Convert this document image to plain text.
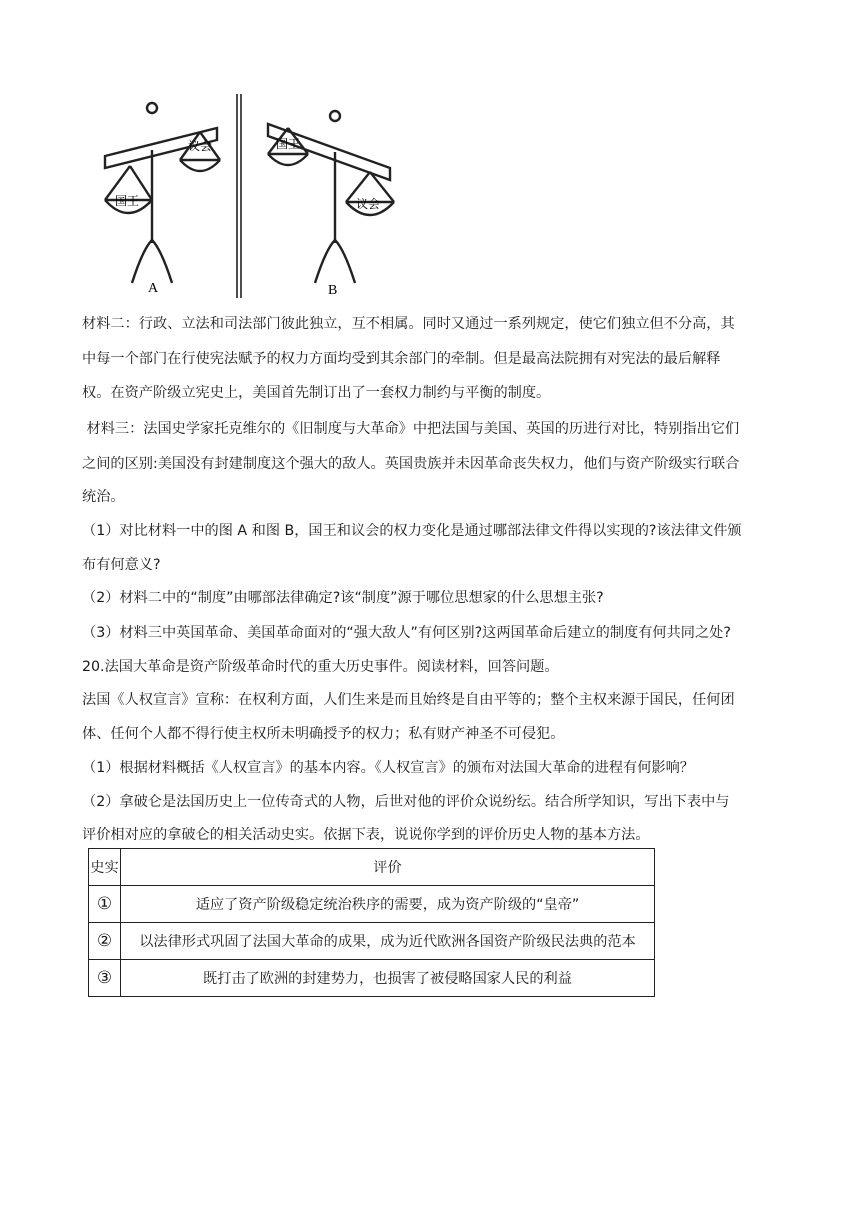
国王
议会
A
国王
议会
B
材料二：行政、立法和司法部门彼此独立，互不相属。同时又通过一系列规定，使它们独立但不分高，其
中每一个部门在行使宪法赋予的权力方面均受到其余部门的牵制。但是最高法院拥有对宪法的最后解释
权。在资产阶级立宪史上，美国首先制订出了一套权力制约与平衡的制度。
材料三：法国史学家托克维尔的《旧制度与大革命》中把法国与美国、英国的历进行对比，特别指出它们
之间的区别:美国没有封建制度这个强大的敌人。英国贵族并未因革命丧失权力，他们与资产阶级实行联合
统治。
（1）对比材料一中的图 A 和图 B，国王和议会的权力变化是通过哪部法律文件得以实现的?该法律文件颁
布有何意义?
（2）材料二中的“制度”由哪部法律确定?该“制度”源于哪位思想家的什么思想主张?
（3）材料三中英国革命、美国革命面对的“强大敌人”有何区别?这两国革命后建立的制度有何共同之处?
20.法国大革命是资产阶级革命时代的重大历史事件。阅读材料，回答问题。
法国《人权宣言》宣称：在权利方面，人们生来是而且始终是自由平等的；整个主权来源于国民，任何团
体、任何个人都不得行使主权所未明确授予的权力；私有财产神圣不可侵犯。
（1）根据材料概括《人权宣言》的基本内容。《人权宣言》的颁布对法国大革命的进程有何影响？
（2）拿破仑是法国历史上一位传奇式的人物，后世对他的评价众说纷纭。结合所学知识，写出下表中与
评价相对应的拿破仑的相关活动史实。依据下表，说说你学到的评价历史人物的基本方法。
史实	评价
①	适应了资产阶级稳定统治秩序的需要，成为资产阶级的“皇帝”
②	以法律形式巩固了法国大革命的成果，成为近代欧洲各国资产阶级民法典的范本
③	既打击了欧洲的封建势力，也损害了被侵略国家人民的利益
